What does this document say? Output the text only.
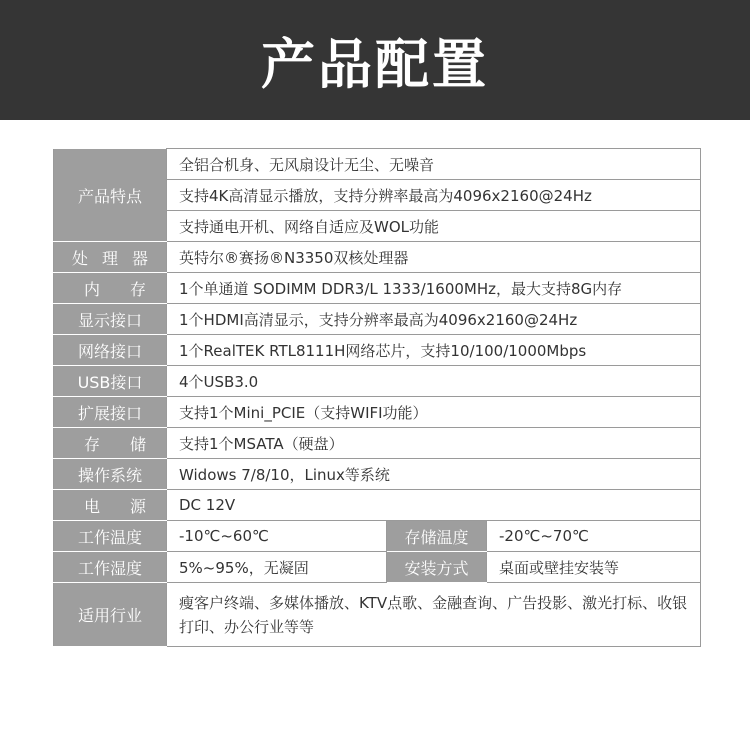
产品配置
产品特点	全铝合机身、无风扇设计无尘、无噪音		
	支持4K高清显示播放，支持分辨率最高为4096x2160@24Hz		
	支持通电开机、网络自适应及WOL功能		
处理器	英特尔®赛扬®N3350双核处理器		
内存	1个单通道 SODIMM DDR3/L 1333/1600MHz，最大支持8G内存		
显示接口	1个HDMI高清显示，支持分辨率最高为4096x2160@24Hz		
网络接口	1个RealTEK RTL8111H网络芯片，支持10/100/1000Mbps		
USB接口	4个USB3.0		
扩展接口	支持1个Mini_PCIE（支持WIFI功能）		
存储	支持1个MSATA（硬盘）		
操作系统	Widows 7/8/10，Linux等系统		
电源	DC 12V		
工作温度	-10℃~60℃	存储温度	-20℃~70℃
工作湿度	5%~95%，无凝固	安装方式	桌面或壁挂安装等
适用行业	瘦客户终端、多媒体播放、KTV点歌、金融查询、广告投影、激光打标、收银打印、办公行业等等		
